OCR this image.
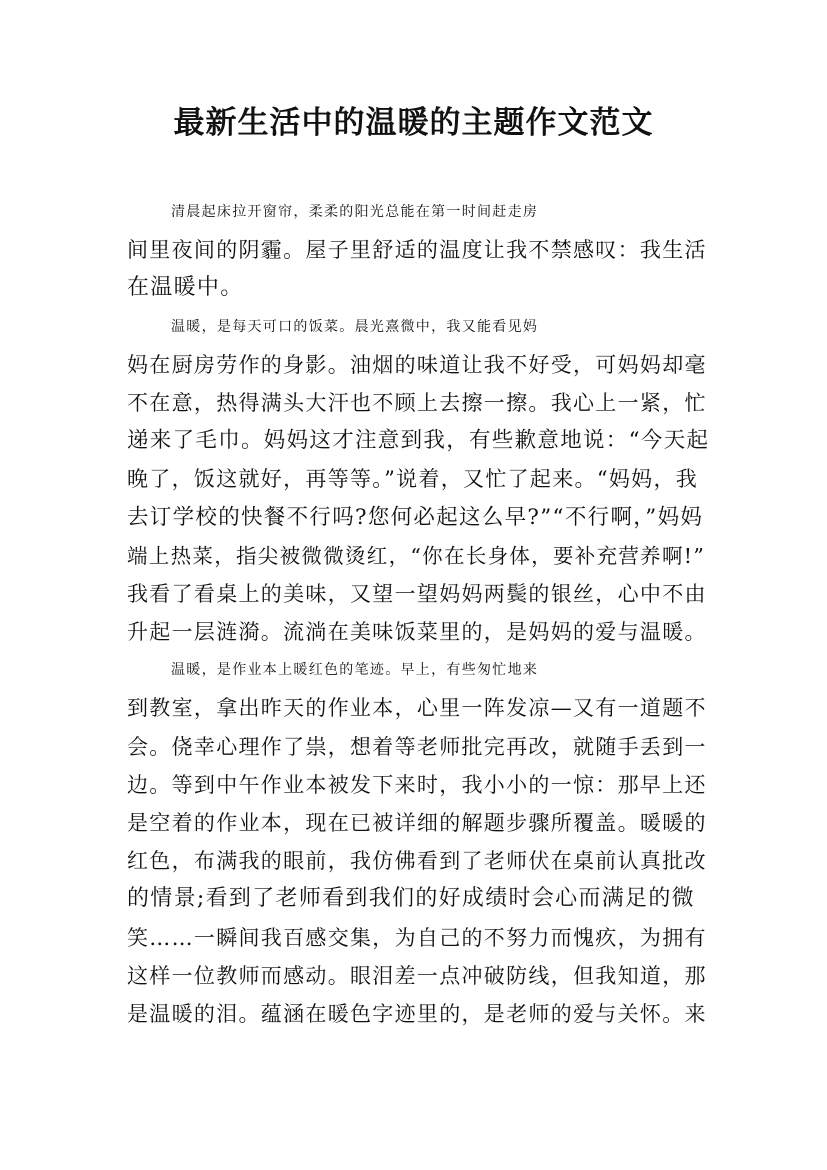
最新生活中的温暖的主题作文范文
清晨起床拉开窗帘，柔柔的阳光总能在第一时间赶走房
间里夜间的阴霾。屋子里舒适的温度让我不禁感叹：我生活
在温暖中。
温暖，是每天可口的饭菜。晨光熹微中，我又能看见妈
妈在厨房劳作的身影。油烟的味道让我不好受，可妈妈却毫
不在意，热得满头大汗也不顾上去擦一擦。我心上一紧，忙
递来了毛巾。妈妈这才注意到我，有些歉意地说：“今天起
晚了，饭这就好，再等等。”说着，又忙了起来。“妈妈，我
去订学校的快餐不行吗?您何必起这么早?”“不行啊，”妈妈
端上热菜，指尖被微微烫红，“你在长身体，要补充营养啊!”
我看了看桌上的美味，又望一望妈妈两鬓的银丝，心中不由
升起一层涟漪。流淌在美味饭菜里的，是妈妈的爱与温暖。
温暖，是作业本上暖红色的笔迹。早上，有些匆忙地来
到教室，拿出昨天的作业本，心里一阵发凉—又有一道题不
会。侥幸心理作了祟，想着等老师批完再改，就随手丢到一
边。等到中午作业本被发下来时，我小小的一惊：那早上还
是空着的作业本，现在已被详细的解题步骤所覆盖。暖暖的
红色，布满我的眼前，我仿佛看到了老师伏在桌前认真批改
的情景;看到了老师看到我们的好成绩时会心而满足的微
笑……一瞬间我百感交集，为自己的不努力而愧疚，为拥有
这样一位教师而感动。眼泪差一点冲破防线，但我知道，那
是温暖的泪。蕴涵在暖色字迹里的，是老师的爱与关怀。来
